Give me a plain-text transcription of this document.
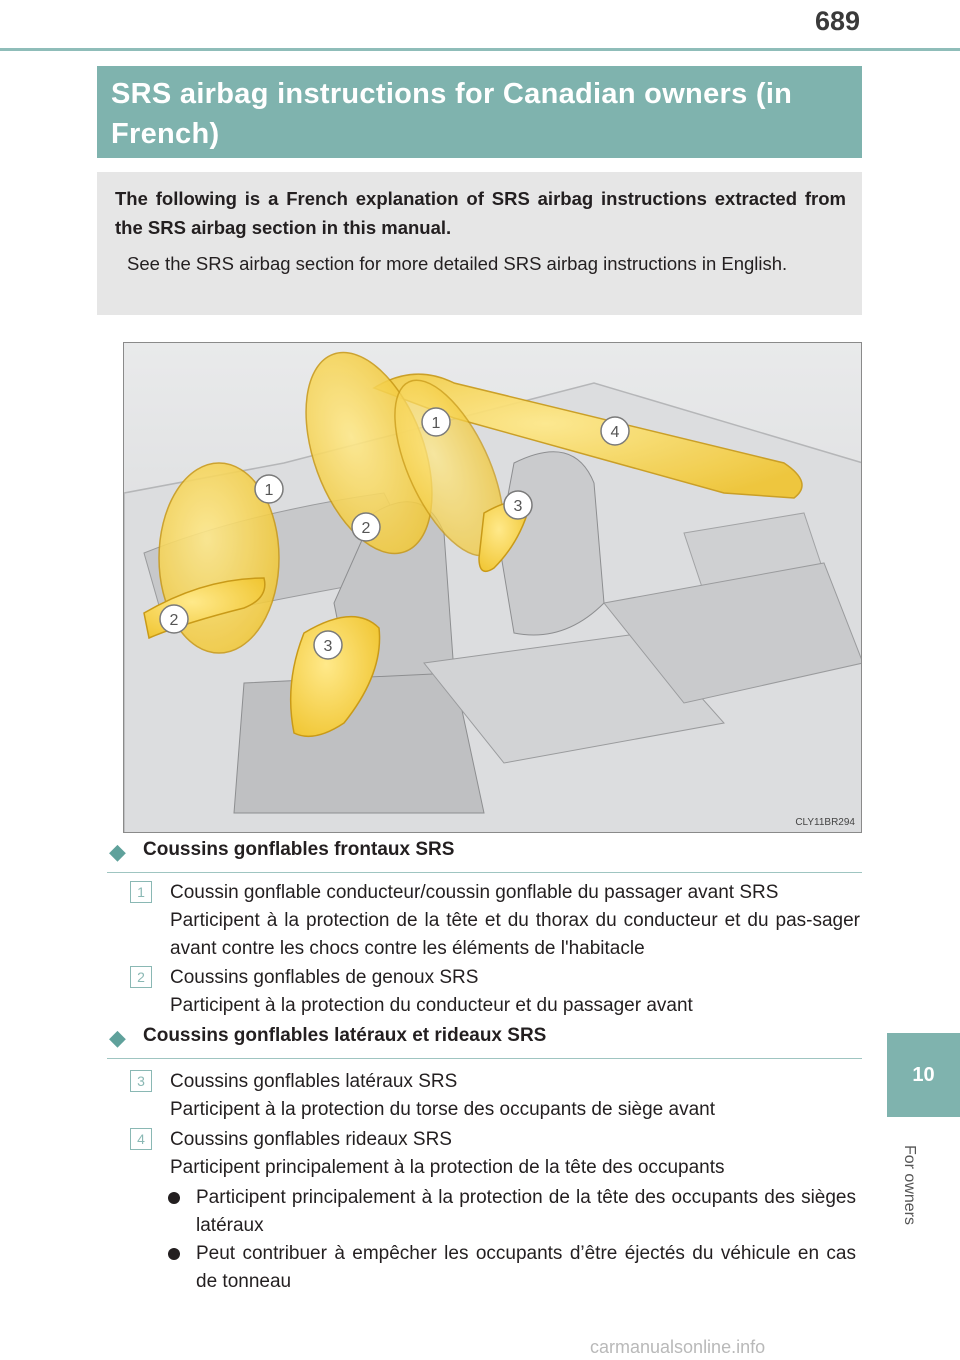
689
SRS airbag instructions for Canadian owners (in French)

The following is a French explanation of SRS airbag instructions extracted from the SRS airbag section in this manual.

See the SRS airbag section for more detailed SRS airbag instructions in English.

1
1
2
2
3
3
4
CLY11BR294
◆ Coussins gonflables frontaux SRS
1	Coussin gonflable conducteur/coussin gonflable du passager avant SRS
Participent à la protection de la tête et du thorax du conducteur et du pas-sager avant contre les chocs contre les éléments de l'habitacle
2	Coussins gonflables de genoux SRS
Participent à la protection du conducteur et du passager avant
◆ Coussins gonflables latéraux et rideaux SRS
3	Coussins gonflables latéraux SRS
Participent à la protection du torse des occupants de siège avant
4	Coussins gonflables rideaux SRS
Participent principalement à la protection de la tête des occupants
Participent principalement à la protection de la tête des occupants des sièges latéraux
Peut contribuer à empêcher les occupants d’être éjectés du véhicule en cas de tonneau
10
For owners
carmanualsonline.info
